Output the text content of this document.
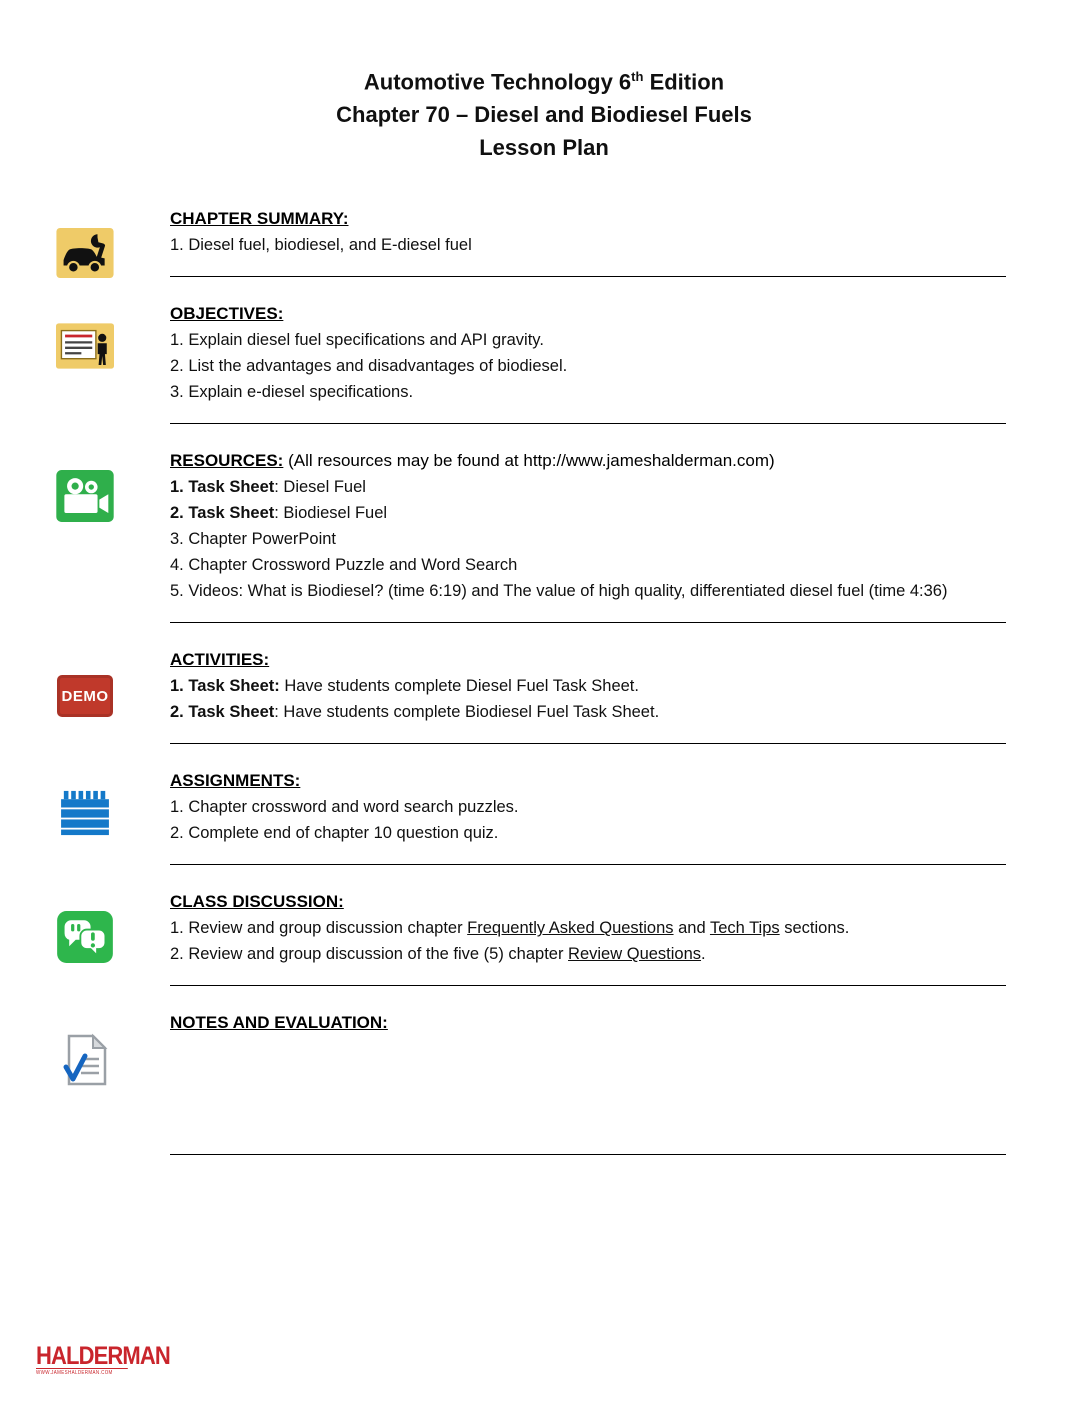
Automotive Technology 6th Edition
Chapter 70 – Diesel and Biodiesel Fuels
Lesson Plan
CHAPTER SUMMARY:

1. Diesel fuel, biodiesel, and E-diesel fuel

OBJECTIVES:

1. Explain diesel fuel specifications and API gravity.

2. List the advantages and disadvantages of biodiesel.

3. Explain e-diesel specifications.

RESOURCES: (All resources may be found at http://www.jameshalderman.com)

1. Task Sheet: Diesel Fuel

2. Task Sheet: Biodiesel Fuel

3. Chapter PowerPoint

4. Chapter Crossword Puzzle and Word Search

5. Videos: What is Biodiesel? (time 6:19) and The value of high quality, differentiated diesel fuel (time 4:36)

DEMO
ACTIVITIES:

1. Task Sheet: Have students complete Diesel Fuel Task Sheet.

2. Task Sheet: Have students complete Biodiesel Fuel Task Sheet.

ASSIGNMENTS:

1. Chapter crossword and word search puzzles.

2. Complete end of chapter 10 question quiz.

CLASS DISCUSSION:

1. Review and group discussion chapter Frequently Asked Questions and Tech Tips sections.

2. Review and group discussion of the five (5) chapter Review Questions.

NOTES AND EVALUATION:
HALDERMAN
WWW.JAMESHALDERMAN.COM
